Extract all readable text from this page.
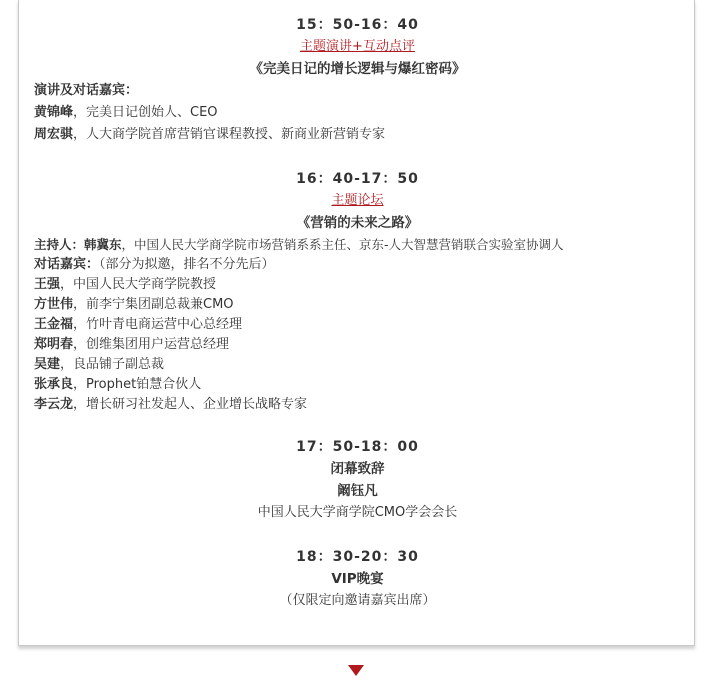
15：50-16：40
主题演讲+互动点评
《完美日记的增长逻辑与爆红密码》
演讲及对话嘉宾：
黄锦峰，完美日记创始人、CEO
周宏骐，人大商学院首席营销官课程教授、新商业新营销专家
16：40-17：50
主题论坛
《营销的未来之路》
主持人：韩冀东，中国人民大学商学院市场营销系系主任、京东-人大智慧营销联合实验室协调人
对话嘉宾：（部分为拟邀，排名不分先后）
王强，中国人民大学商学院教授
方世伟，前李宁集团副总裁兼CMO
王金福，竹叶青电商运营中心总经理
郑明春，创维集团用户运营总经理
吴建，良品铺子副总裁
张承良，Prophet铂慧合伙人
李云龙，增长研习社发起人、企业增长战略专家
17：50-18：00
闭幕致辞
阚钰凡
中国人民大学商学院CMO学会会长
18：30-20：30
VIP晚宴
（仅限定向邀请嘉宾出席）
